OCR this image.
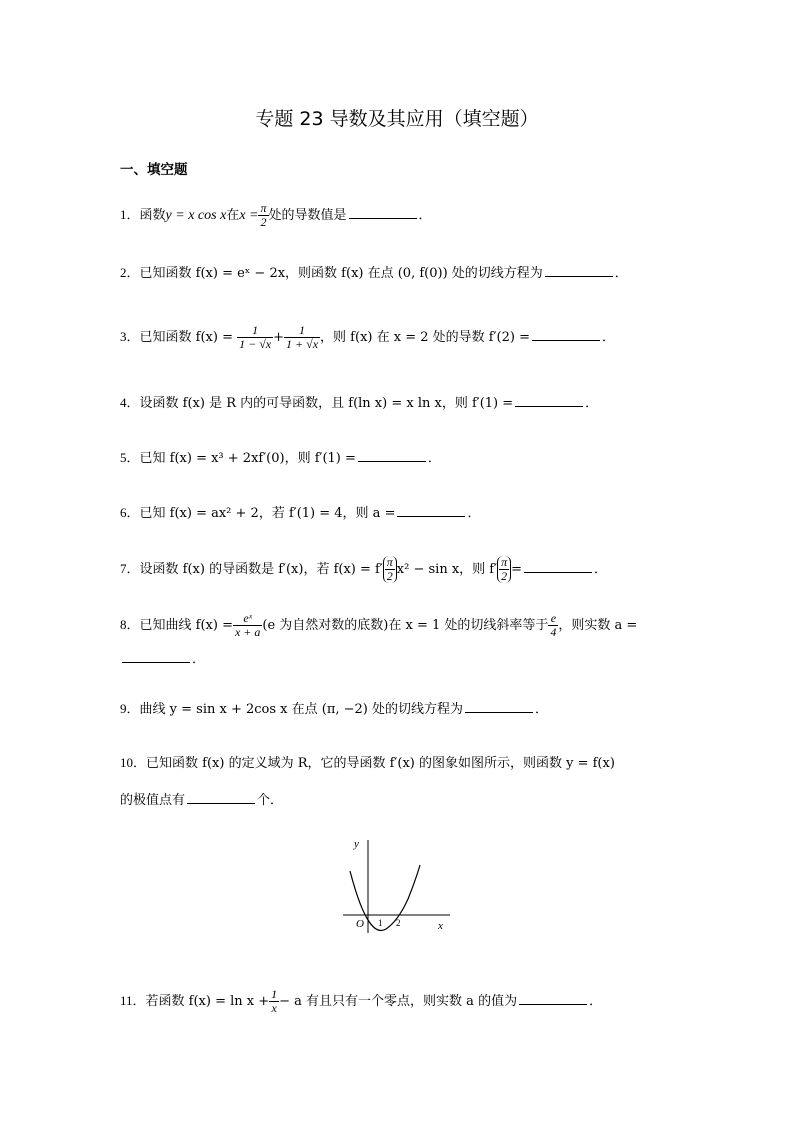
专题 23 导数及其应用（填空题）
一、填空题
1．函数y = x cos x在$x = \frac{\pi}{2}$ 处的导数值是	．
2．已知函数 f(x) = eˣ − 2x，则函数 f(x) 在点 (0, f(0)) 处的切线方程为	．
3．已知函数 $f(x) = \frac{1}{1 - √x} + \frac{1}{1 + √x}$ ，则 f(x) 在 x = 2 处的导数 f′(2) =	．
4．设函数 f(x) 是 R 内的可导函数，且 f(ln x) = x ln x，则 f′(1) =	．
5．已知 f(x) = x³ + 2xf′(0)，则 f′(1) =	．
6．已知 f(x) = ax² + 2，若 f′(1) = 4，则 a =	．
7．设函数 f(x) 的导函数是 f′(x)，若 $f(x) = f' \frac{\pi}{2} x^2 - \sin x$，则 $f' \frac{\pi}{2}$ =	．
8．已知曲线 $f(x) = \frac{\text{eˣ}}{x + a} (e$ 为自然对数的底数)在 x = 1 处的切线斜率等于 $\frac{e}{4}$ ，则实数 a =
．
9．曲线 y = sin x + 2cos x 在点 (π, −2) 处的切线方程为	．
10．已知函数 f(x) 的定义域为 R，它的导函数 f′(x) 的图象如图所示，则函数 y = f(x)
的极值点有	个．
y
x
O 1 2
11．若函数 $f(x) = \ln x + \frac{1}{x} - a$ 有且只有一个零点，则实数 a 的值为	．
